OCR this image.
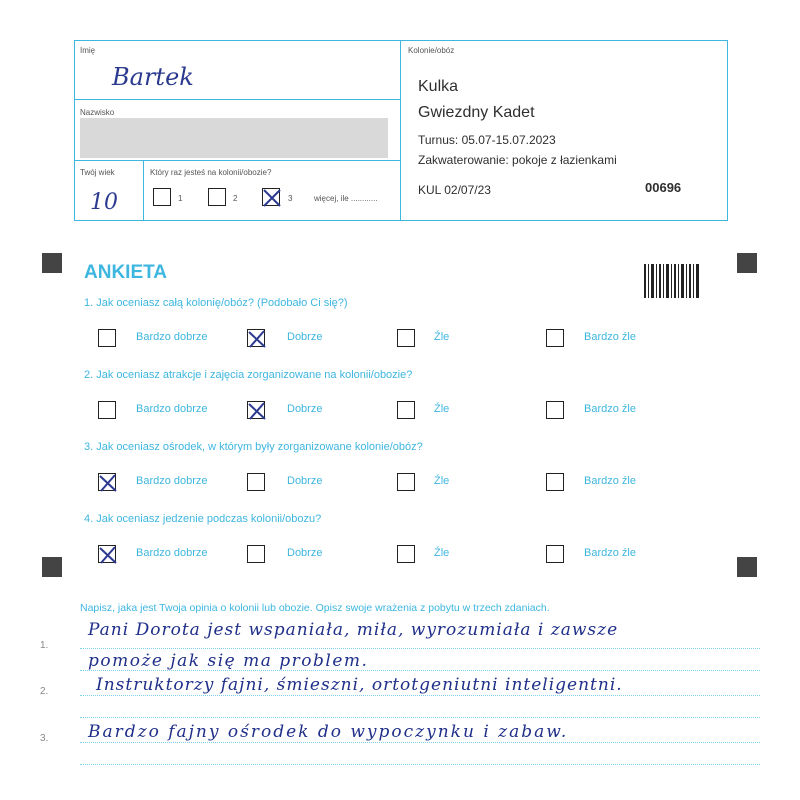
Imię
Bartek
Nazwisko
Twój wiek
10
Który raz jesteś na kolonii/obozie?
1	2	3	więcej, ile ............
Kolonie/obóz
Kulka
Gwiezdny Kadet
Turnus: 05.07-15.07.2023
Zakwaterowanie: pokoje z łazienkami
KUL 02/07/23	00696
ANKIETA
1. Jak oceniasz całą kolonię/obóz? (Podobało Ci się?)
Bardzo dobrze	Dobrze	Źle	Bardzo źle
2. Jak oceniasz atrakcje i zajęcia zorganizowane na kolonii/obozie?
Bardzo dobrze	Dobrze	Źle	Bardzo źle
3. Jak oceniasz ośrodek, w którym były zorganizowane kolonie/obóz?
Bardzo dobrze	Dobrze	Źle	Bardzo źle
4. Jak oceniasz jedzenie podczas kolonii/obozu?
Bardzo dobrze	Dobrze	Źle	Bardzo źle
Napisz, jaka jest Twoja opinia o kolonii lub obozie. Opisz swoje wrażenia z pobytu w trzech zdaniach.
1.
2.
3.
Pani Dorota jest wspaniała, miła, wyrozumiała i zawsze
pomoże jak się ma problem.
Instruktorzy fajni, śmieszni, ortotgeniutni inteligentni.
Bardzo fajny ośrodek do wypoczynku i zabaw.
